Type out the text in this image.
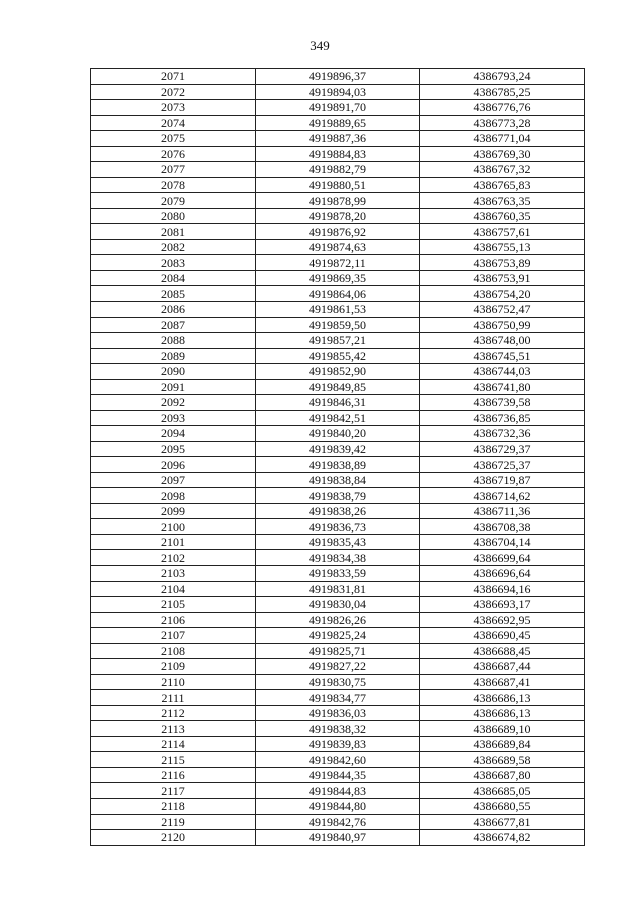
349
2071	4919896,37	4386793,24
2072	4919894,03	4386785,25
2073	4919891,70	4386776,76
2074	4919889,65	4386773,28
2075	4919887,36	4386771,04
2076	4919884,83	4386769,30
2077	4919882,79	4386767,32
2078	4919880,51	4386765,83
2079	4919878,99	4386763,35
2080	4919878,20	4386760,35
2081	4919876,92	4386757,61
2082	4919874,63	4386755,13
2083	4919872,11	4386753,89
2084	4919869,35	4386753,91
2085	4919864,06	4386754,20
2086	4919861,53	4386752,47
2087	4919859,50	4386750,99
2088	4919857,21	4386748,00
2089	4919855,42	4386745,51
2090	4919852,90	4386744,03
2091	4919849,85	4386741,80
2092	4919846,31	4386739,58
2093	4919842,51	4386736,85
2094	4919840,20	4386732,36
2095	4919839,42	4386729,37
2096	4919838,89	4386725,37
2097	4919838,84	4386719,87
2098	4919838,79	4386714,62
2099	4919838,26	4386711,36
2100	4919836,73	4386708,38
2101	4919835,43	4386704,14
2102	4919834,38	4386699,64
2103	4919833,59	4386696,64
2104	4919831,81	4386694,16
2105	4919830,04	4386693,17
2106	4919826,26	4386692,95
2107	4919825,24	4386690,45
2108	4919825,71	4386688,45
2109	4919827,22	4386687,44
2110	4919830,75	4386687,41
2111	4919834,77	4386686,13
2112	4919836,03	4386686,13
2113	4919838,32	4386689,10
2114	4919839,83	4386689,84
2115	4919842,60	4386689,58
2116	4919844,35	4386687,80
2117	4919844,83	4386685,05
2118	4919844,80	4386680,55
2119	4919842,76	4386677,81
2120	4919840,97	4386674,82
